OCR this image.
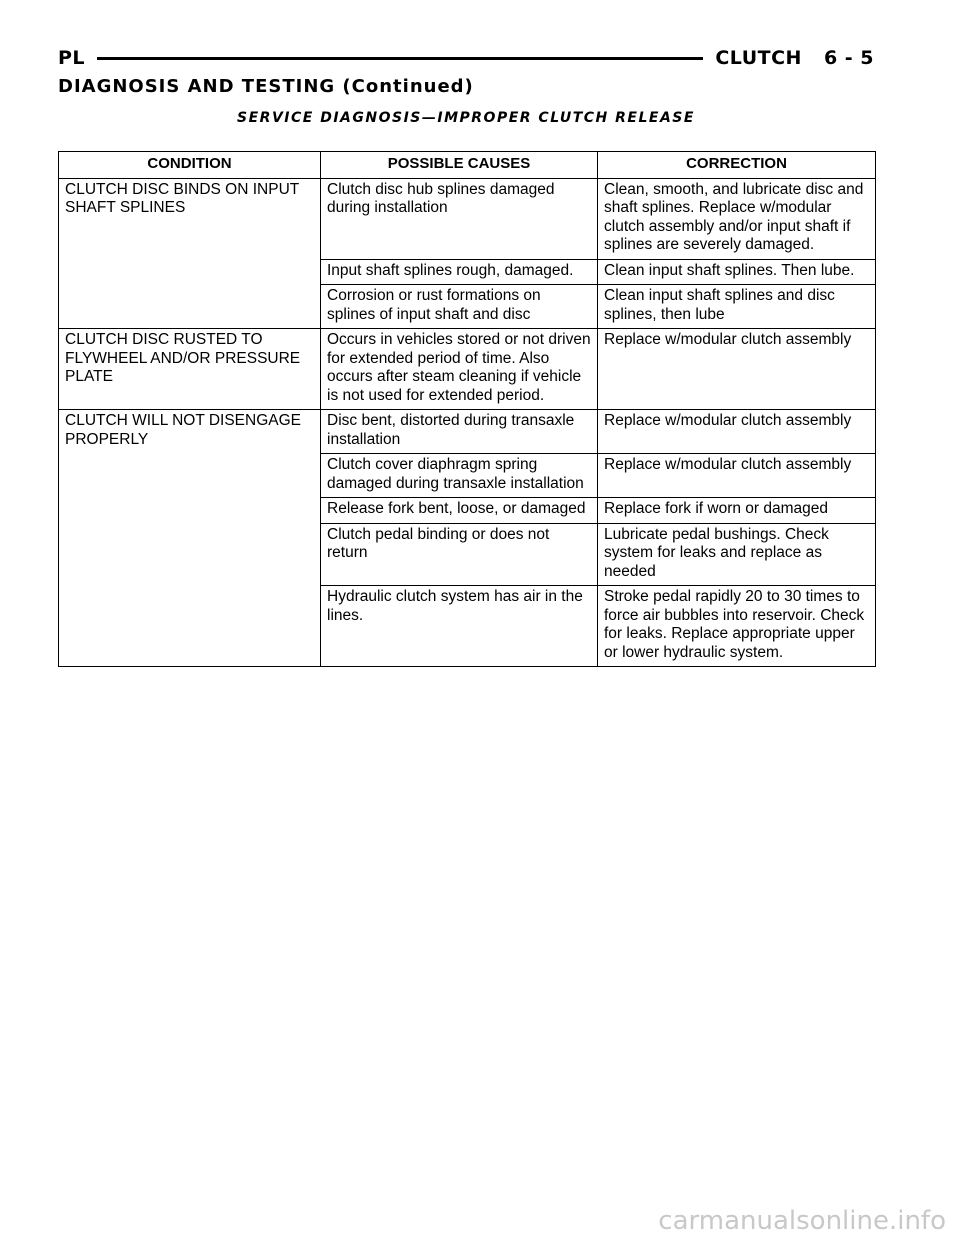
PL	CLUTCH 6 - 5
DIAGNOSIS AND TESTING (Continued)
SERVICE DIAGNOSIS—IMPROPER CLUTCH RELEASE
CONDITION	POSSIBLE CAUSES	CORRECTION
CLUTCH DISC BINDS ON INPUT SHAFT SPLINES	Clutch disc hub splines damaged during installation	Clean, smooth, and lubricate disc and shaft splines. Replace w/modular clutch assembly and/or input shaft if splines are severely damaged.
	Input shaft splines rough, damaged.	Clean input shaft splines. Then lube.
	Corrosion or rust formations on splines of input shaft and disc	Clean input shaft splines and disc splines, then lube
CLUTCH DISC RUSTED TO FLYWHEEL AND/OR PRESSURE PLATE	Occurs in vehicles stored or not driven for extended period of time. Also occurs after steam cleaning if vehicle is not used for extended period.	Replace w/modular clutch assembly
CLUTCH WILL NOT DISENGAGE PROPERLY	Disc bent, distorted during transaxle installation	Replace w/modular clutch assembly
	Clutch cover diaphragm spring damaged during transaxle installation	Replace w/modular clutch assembly
	Release fork bent, loose, or damaged	Replace fork if worn or damaged
	Clutch pedal binding or does not return	Lubricate pedal bushings. Check system for leaks and replace as needed
	Hydraulic clutch system has air in the lines.	Stroke pedal rapidly 20 to 30 times to force air bubbles into reservoir. Check for leaks. Replace appropriate upper or lower hydraulic system.
carmanualsonline.info
